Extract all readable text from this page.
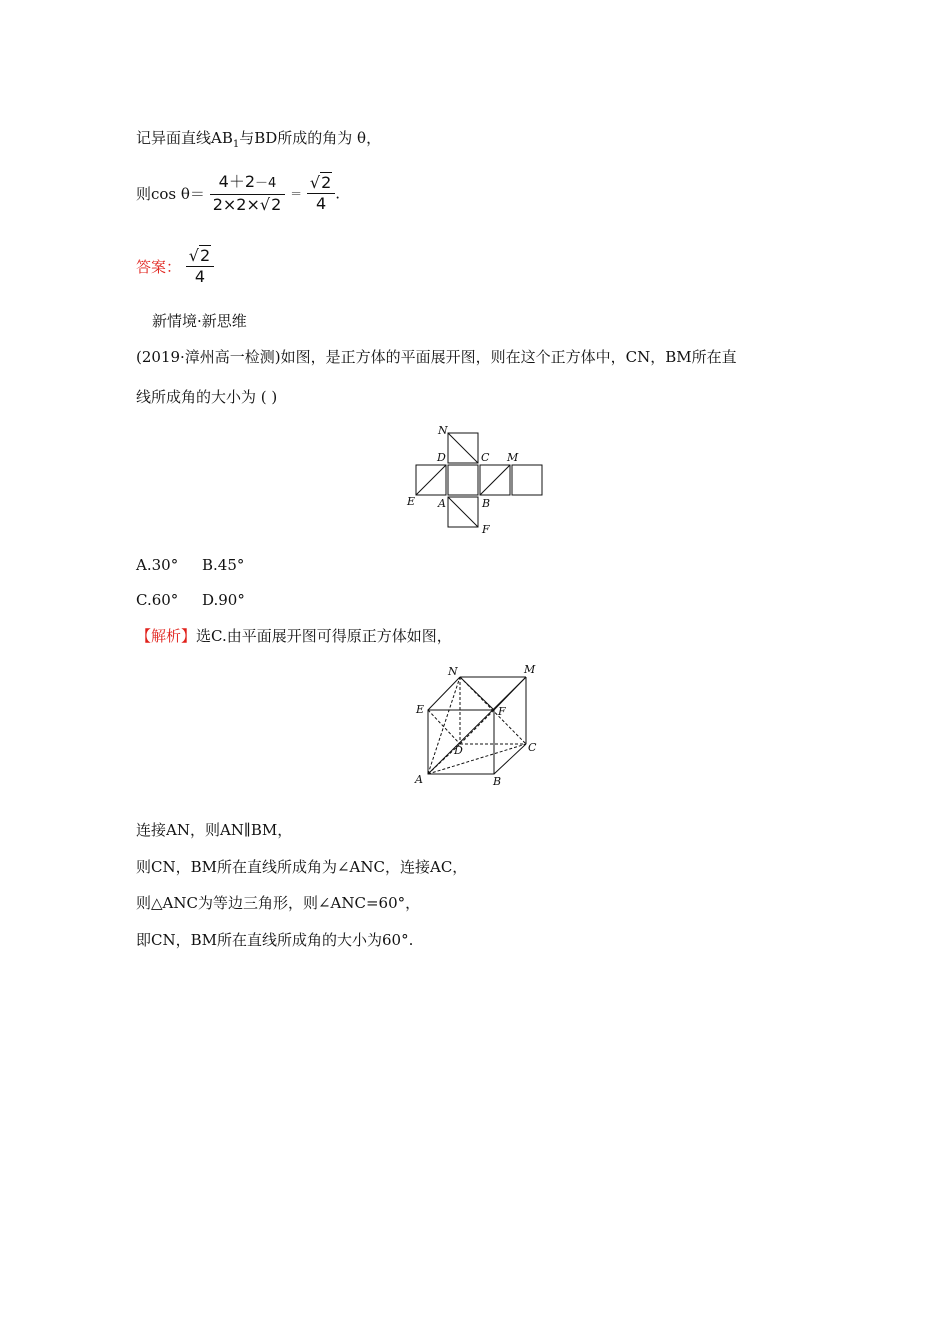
记异面直线$AB_1$与BD所成的角为 θ，
则$\cos \theta= \frac{4+2-4}{2\times 2\times√2} = \frac{√2}{4}$ .
答案： $\frac{√2}{4}$
新情境·新思维
(2019·漳州高一检测)如图，是正方体的平面展开图，则在这个正方体中，CN，BM所在直
线所成角的大小为 ( )
N
D	C M
E A	B
F
A.30° B.45°
C.60° D.90°
【解析】选C.由平面展开图可得原正方体如图，
N	M
E	F
D	C
A	B
连接AN，则AN∥BM，
则CN，BM所在直线所成角为∠ANC，连接AC，
则△ANC为等边三角形，则∠ANC=60°，
即CN，BM所在直线所成角的大小为60°.
